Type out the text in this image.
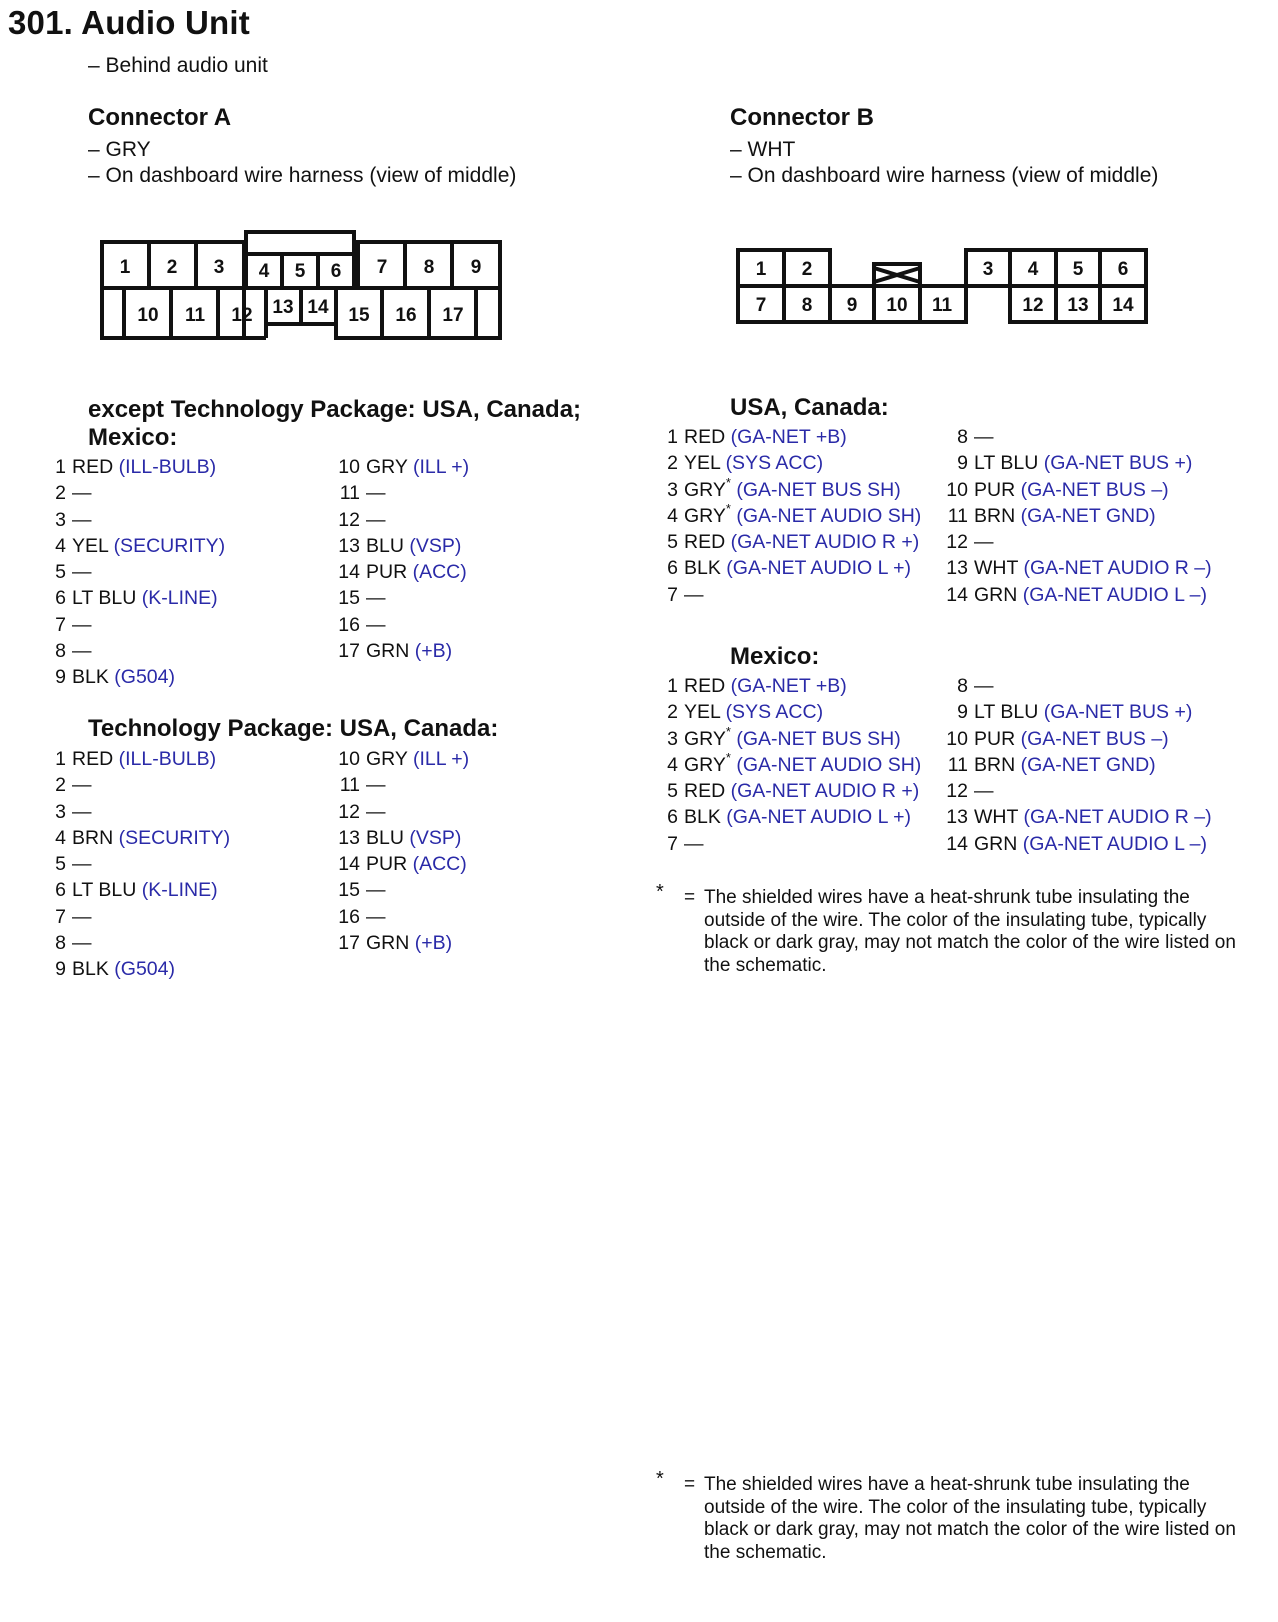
301. Audio Unit
– Behind audio unit
Connector A
– GRY
– On dashboard wire harness (view of middle)
Connector B
– WHT
– On dashboard wire harness (view of middle)
1 2 3 4 5 6 7 8 9
10 11 12 13 14 15 16 17
1 2	3 4 5 6
7 8 9 10 11	12 13 14
except Technology Package: USA, Canada;
Mexico:
1 RED (ILL-BULB)
2 —
3 —
4 YEL (SECURITY)
5 —
6 LT BLU (K-LINE)
7 —
8 —
9 BLK (G504)
10 GRY (ILL +)
11 —
12 —
13 BLU (VSP)
14 PUR (ACC)
15 —
16 —
17 GRN (+B)
Technology Package: USA, Canada:
1 RED (ILL-BULB)
2 —
3 —
4 BRN (SECURITY)
5 —
6 LT BLU (K-LINE)
7 —
8 —
9 BLK (G504)
10 GRY (ILL +)
11 —
12 —
13 BLU (VSP)
14 PUR (ACC)
15 —
16 —
17 GRN (+B)
USA, Canada:
1 RED (GA-NET +B)
2 YEL (SYS ACC)
3 GRY* (GA-NET BUS SH)
4 GRY* (GA-NET AUDIO SH)
5 RED (GA-NET AUDIO R +)
6 BLK (GA-NET AUDIO L +)
7 —
8 —
9 LT BLU (GA-NET BUS +)
10 PUR (GA-NET BUS –)
11 BRN (GA-NET GND)
12 —
13 WHT (GA-NET AUDIO R –)
14 GRN (GA-NET AUDIO L –)
Mexico:
1 RED (GA-NET +B)
2 YEL (SYS ACC)
3 GRY* (GA-NET BUS SH)
4 GRY* (GA-NET AUDIO SH)
5 RED (GA-NET AUDIO R +)
6 BLK (GA-NET AUDIO L +)
7 —
8 —
9 LT BLU (GA-NET BUS +)
10 PUR (GA-NET BUS –)
11 BRN (GA-NET GND)
12 —
13 WHT (GA-NET AUDIO R –)
14 GRN (GA-NET AUDIO L –)
* = The shielded wires have a heat-shrunk tube insulating the outside of the wire. The color of the insulating tube, typically black or dark gray, may not match the color of the wire listed on the schematic.
* = The shielded wires have a heat-shrunk tube insulating the outside of the wire. The color of the insulating tube, typically black or dark gray, may not match the color of the wire listed on the schematic.
